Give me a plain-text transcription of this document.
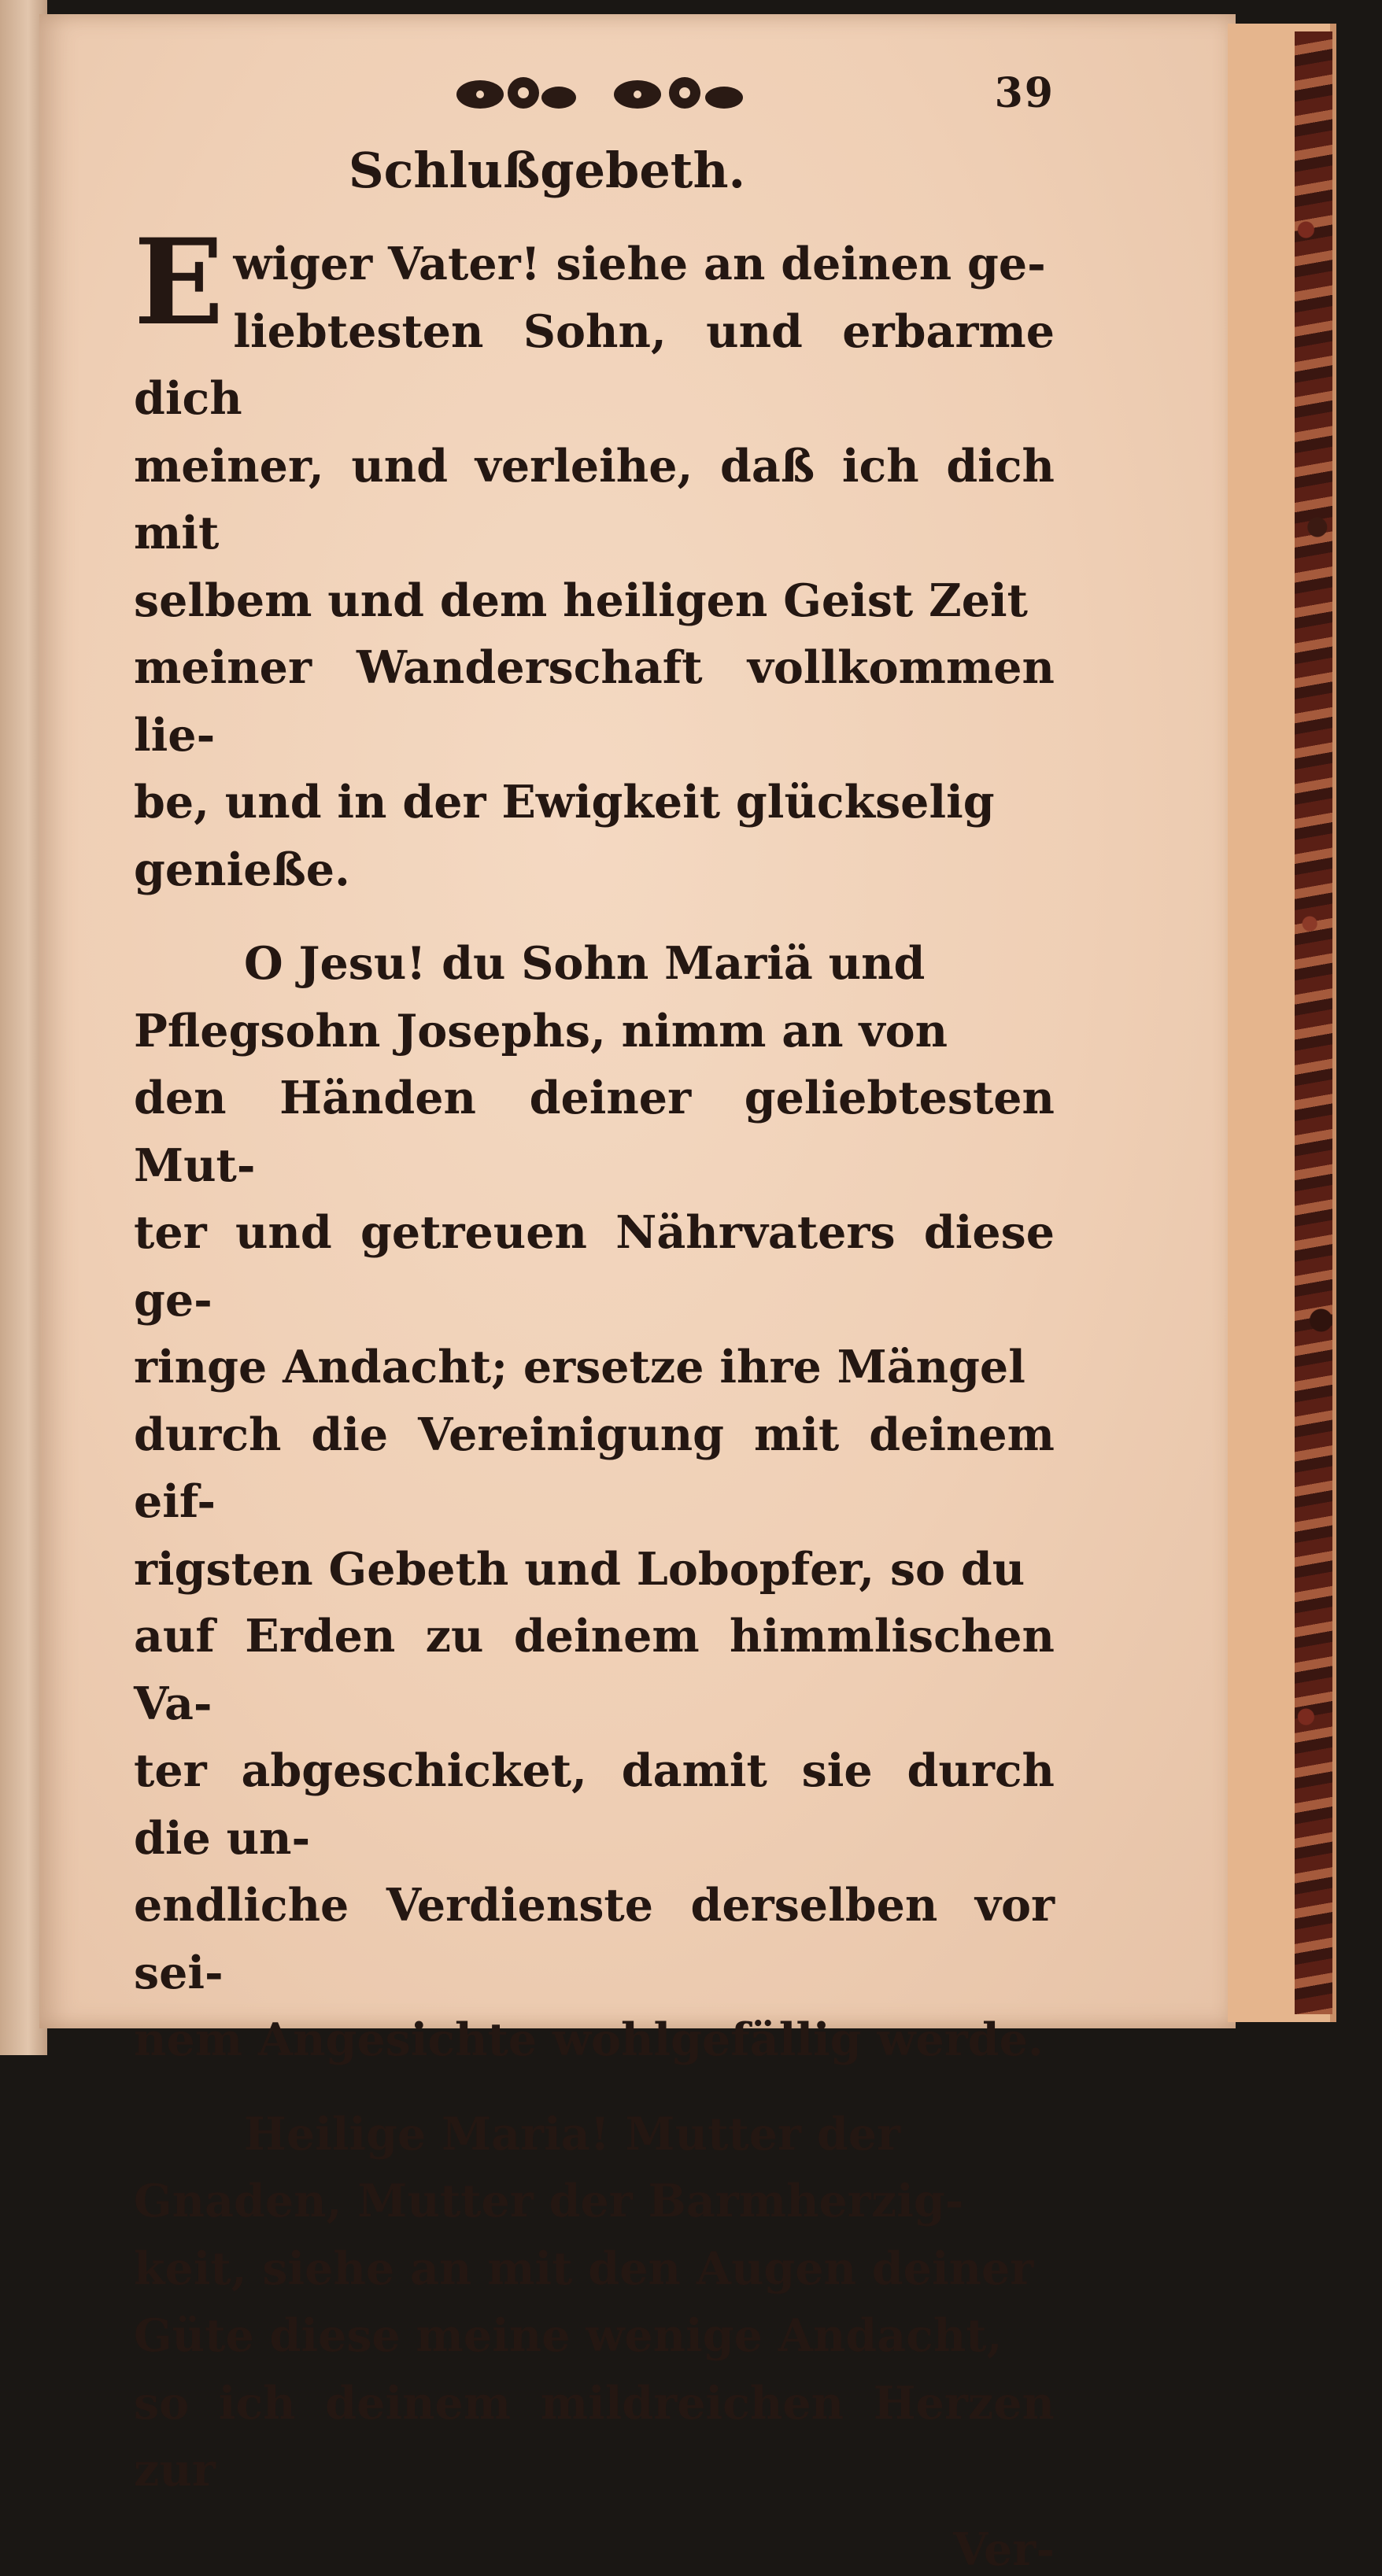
39
Schlußgebeth.
E wiger Vater! siehe an deinen ge-
liebtesten Sohn, und erbarme dich
meiner, und verleihe, daß ich dich mit
selbem und dem heiligen Geist Zeit
meiner Wanderschaft vollkommen lie-
be, und in der Ewigkeit glückselig
genieße.
O Jesu! du Sohn Mariä und
Pflegsohn Josephs, nimm an von
den Händen deiner geliebtesten Mut-
ter und getreuen Nährvaters diese ge-
ringe Andacht; ersetze ihre Mängel
durch die Vereinigung mit deinem eif-
rigsten Gebeth und Lobopfer, so du
auf Erden zu deinem himmlischen Va-
ter abgeschicket, damit sie durch die un-
endliche Verdienste derselben vor sei-
nem Angesichte wohlgefällig werde.
Heilige Maria! Mutter der
Gnaden, Mutter der Barmherzig-
keit, siehe an mit den Augen deiner
Güte diese meine wenige Andacht,
so ich deinem mildreichen Herzen zur
Ver-
